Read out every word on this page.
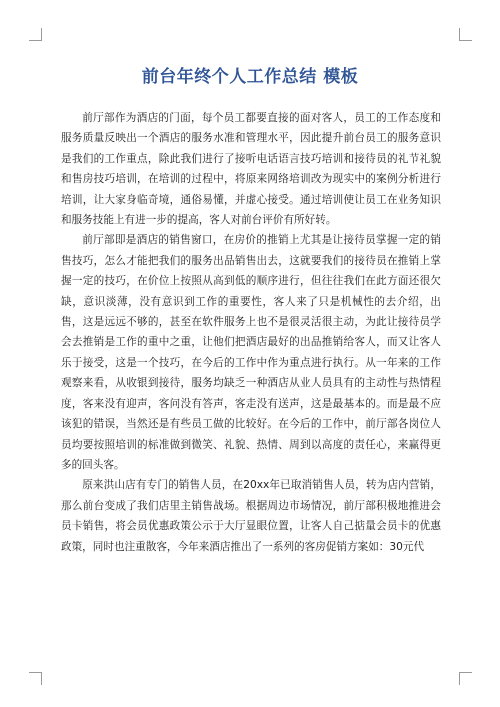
前台年终个人工作总结 模板

前厅部作为酒店的门面，每个员工都要直接的面对客人，员工的工作态度和服务质量反映出一个酒店的服务水准和管理水平，因此提升前台员工的服务意识是我们的工作重点，除此我们进行了接听电话语言技巧培训和接待员的礼节礼貌和售房技巧培训，在培训的过程中，将原来网络培训改为现实中的案例分析进行培训，让大家身临奇境，通俗易懂，并虚心接受。通过培训使让员工在业务知识和服务技能上有进一步的提高，客人对前台评价有所好转。

前厅部即是酒店的销售窗口，在房价的推销上尤其是让接待员掌握一定的销售技巧，怎么才能把我们的服务出品销售出去，这就要我们的接待员在推销上掌握一定的技巧，在价位上按照从高到低的顺序进行，但往往我们在此方面还很欠缺，意识淡薄，没有意识到工作的重要性，客人来了只是机械性的去介绍，出售，这是远远不够的，甚至在软件服务上也不是很灵活很主动，为此让接待员学会去推销是工作的重中之重，让他们把酒店最好的出品推销给客人，而又让客人乐于接受，这是一个技巧，在今后的工作中作为重点进行执行。从一年来的工作观察来看，从收银到接待，服务均缺乏一种酒店从业人员具有的主动性与热情程度，客来没有迎声，客问没有答声，客走没有送声，这是最基本的。而是最不应该犯的错误，当然还是有些员工做的比较好。在今后的工作中，前厅部各岗位人员均要按照培训的标准做到微笑、礼貌、热情、周到以高度的责任心，来赢得更多的回头客。

原来洪山店有专门的销售人员，在20xx年已取消销售人员，转为店内营销，那么前台变成了我们店里主销售战场。根据周边市场情况，前厅部积极地推进会员卡销售，将会员优惠政策公示于大厅显眼位置，让客人自己掂量会员卡的优惠政策，同时也注重散客，今年来酒店推出了一系列的客房促销方案如：30元代
